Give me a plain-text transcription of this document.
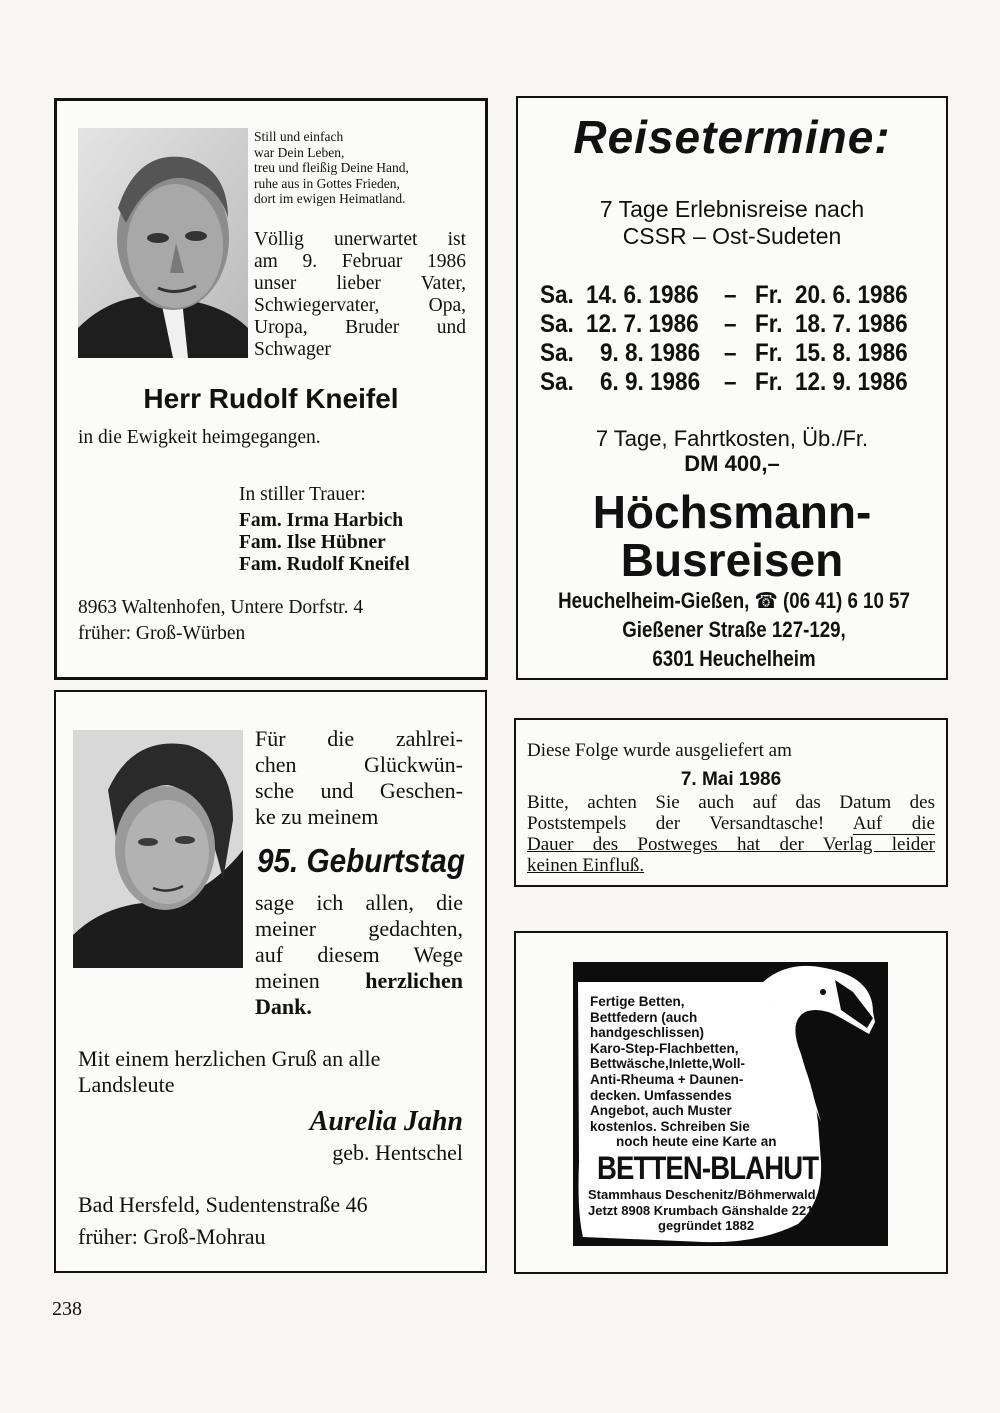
Still und einfach
war Dein Leben,
treu und fleißig Deine Hand,
ruhe aus in Gottes Frieden,
dort im ewigen Heimatland.
Völlig unerwartet ist
am 9. Februar 1986
unser lieber Vater,
Schwiegervater, Opa,
Uropa, Bruder und
Schwager
Herr Rudolf Kneifel
in die Ewigkeit heimgegangen.
In stiller Trauer:
Fam. Irma Harbich
Fam. Ilse Hübner
Fam. Rudolf Kneifel
8963 Waltenhofen, Untere Dorfstr. 4
früher: Groß-Würben
Reisetermine:
7 Tage Erlebnisreise nach
CSSR – Ost-Sudeten
Sa. 14. 6. 1986 – Fr. 20. 6. 1986
Sa. 12. 7. 1986 – Fr. 18. 7. 1986
Sa. 9. 8. 1986 – Fr. 15. 8. 1986
Sa. 6. 9. 1986 – Fr. 12. 9. 1986
7 Tage, Fahrtkosten, Üb./Fr.
DM 400,–
Höchsmann-
Busreisen
Heuchelheim-Gießen, ☎ (06 41) 6 10 57
Gießener Straße 127-129,
6301 Heuchelheim
Für die zahlrei-
chen Glückwün-
sche und Geschen-
ke zu meinem
95. Geburtstag
sage ich allen, die
meiner gedachten,
auf diesem Wege
meinen herzlichen
Dank.
Mit einem herzlichen Gruß an alle
Landsleute
Aurelia Jahn
geb. Hentschel
Bad Hersfeld, Sudentenstraße 46
früher: Groß-Mohrau
Diese Folge wurde ausgeliefert am
7. Mai 1986
Bitte, achten Sie auch auf das Datum des
Poststempels der Versandtasche! Auf die
Dauer des Postweges hat der Verlag leider
keinen Einfluß.
Fertige Betten,
Bettfedern (auch
handgeschlissen)
Karo-Step-Flachbetten,
Bettwäsche,Inlette,Woll-
Anti-Rheuma + Daunen-
decken. Umfassendes
Angebot, auch Muster
kostenlos. Schreiben Sie
noch heute eine Karte an
BETTEN-BLAHUT
Stammhaus Deschenitz/Böhmerwald
Jetzt 8908 Krumbach Gänshalde 221
gegründet 1882
238
